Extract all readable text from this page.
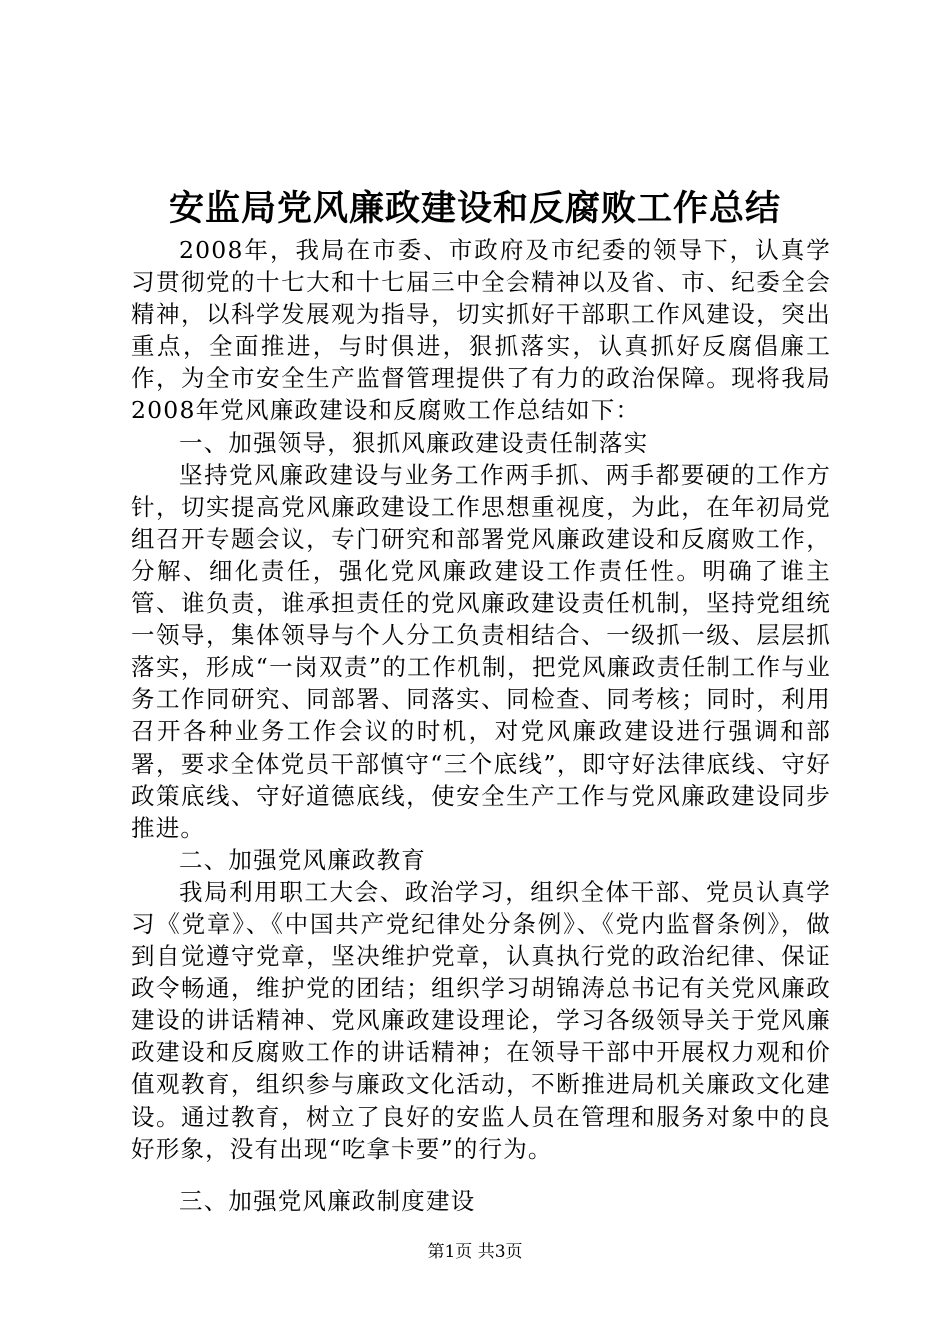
安监局党风廉政建设和反腐败工作总结

2008年，我局在市委、市政府及市纪委的领导下，认真学习贯彻党的十七大和十七届三中全会精神以及省、市、纪委全会精神，以科学发展观为指导，切实抓好干部职工作风建设，突出重点，全面推进，与时俱进，狠抓落实，认真抓好反腐倡廉工作，为全市安全生产监督管理提供了有力的政治保障。现将我局2008年党风廉政建设和反腐败工作总结如下：

一、加强领导，狠抓风廉政建设责任制落实

坚持党风廉政建设与业务工作两手抓、两手都要硬的工作方针，切实提高党风廉政建设工作思想重视度，为此，在年初局党组召开专题会议，专门研究和部署党风廉政建设和反腐败工作，分解、细化责任，强化党风廉政建设工作责任性。明确了谁主管、谁负责，谁承担责任的党风廉政建设责任机制，坚持党组统一领导，集体领导与个人分工负责相结合、一级抓一级、层层抓落实，形成“一岗双责”的工作机制，把党风廉政责任制工作与业务工作同研究、同部署、同落实、同检查、同考核；同时，利用召开各种业务工作会议的时机，对党风廉政建设进行强调和部署，要求全体党员干部慎守“三个底线”，即守好法律底线、守好政策底线、守好道德底线，使安全生产工作与党风廉政建设同步推进。

二、加强党风廉政教育

我局利用职工大会、政治学习，组织全体干部、党员认真学习《党章》、《中国共产党纪律处分条例》、《党内监督条例》，做到自觉遵守党章，坚决维护党章，认真执行党的政治纪律、保证政令畅通，维护党的团结；组织学习胡锦涛总书记有关党风廉政建设的讲话精神、党风廉政建设理论，学习各级领导关于党风廉政建设和反腐败工作的讲话精神；在领导干部中开展权力观和价值观教育，组织参与廉政文化活动，不断推进局机关廉政文化建设。通过教育，树立了良好的安监人员在管理和服务对象中的良好形象，没有出现“吃拿卡要”的行为。

三、加强党风廉政制度建设

第1页 共3页
